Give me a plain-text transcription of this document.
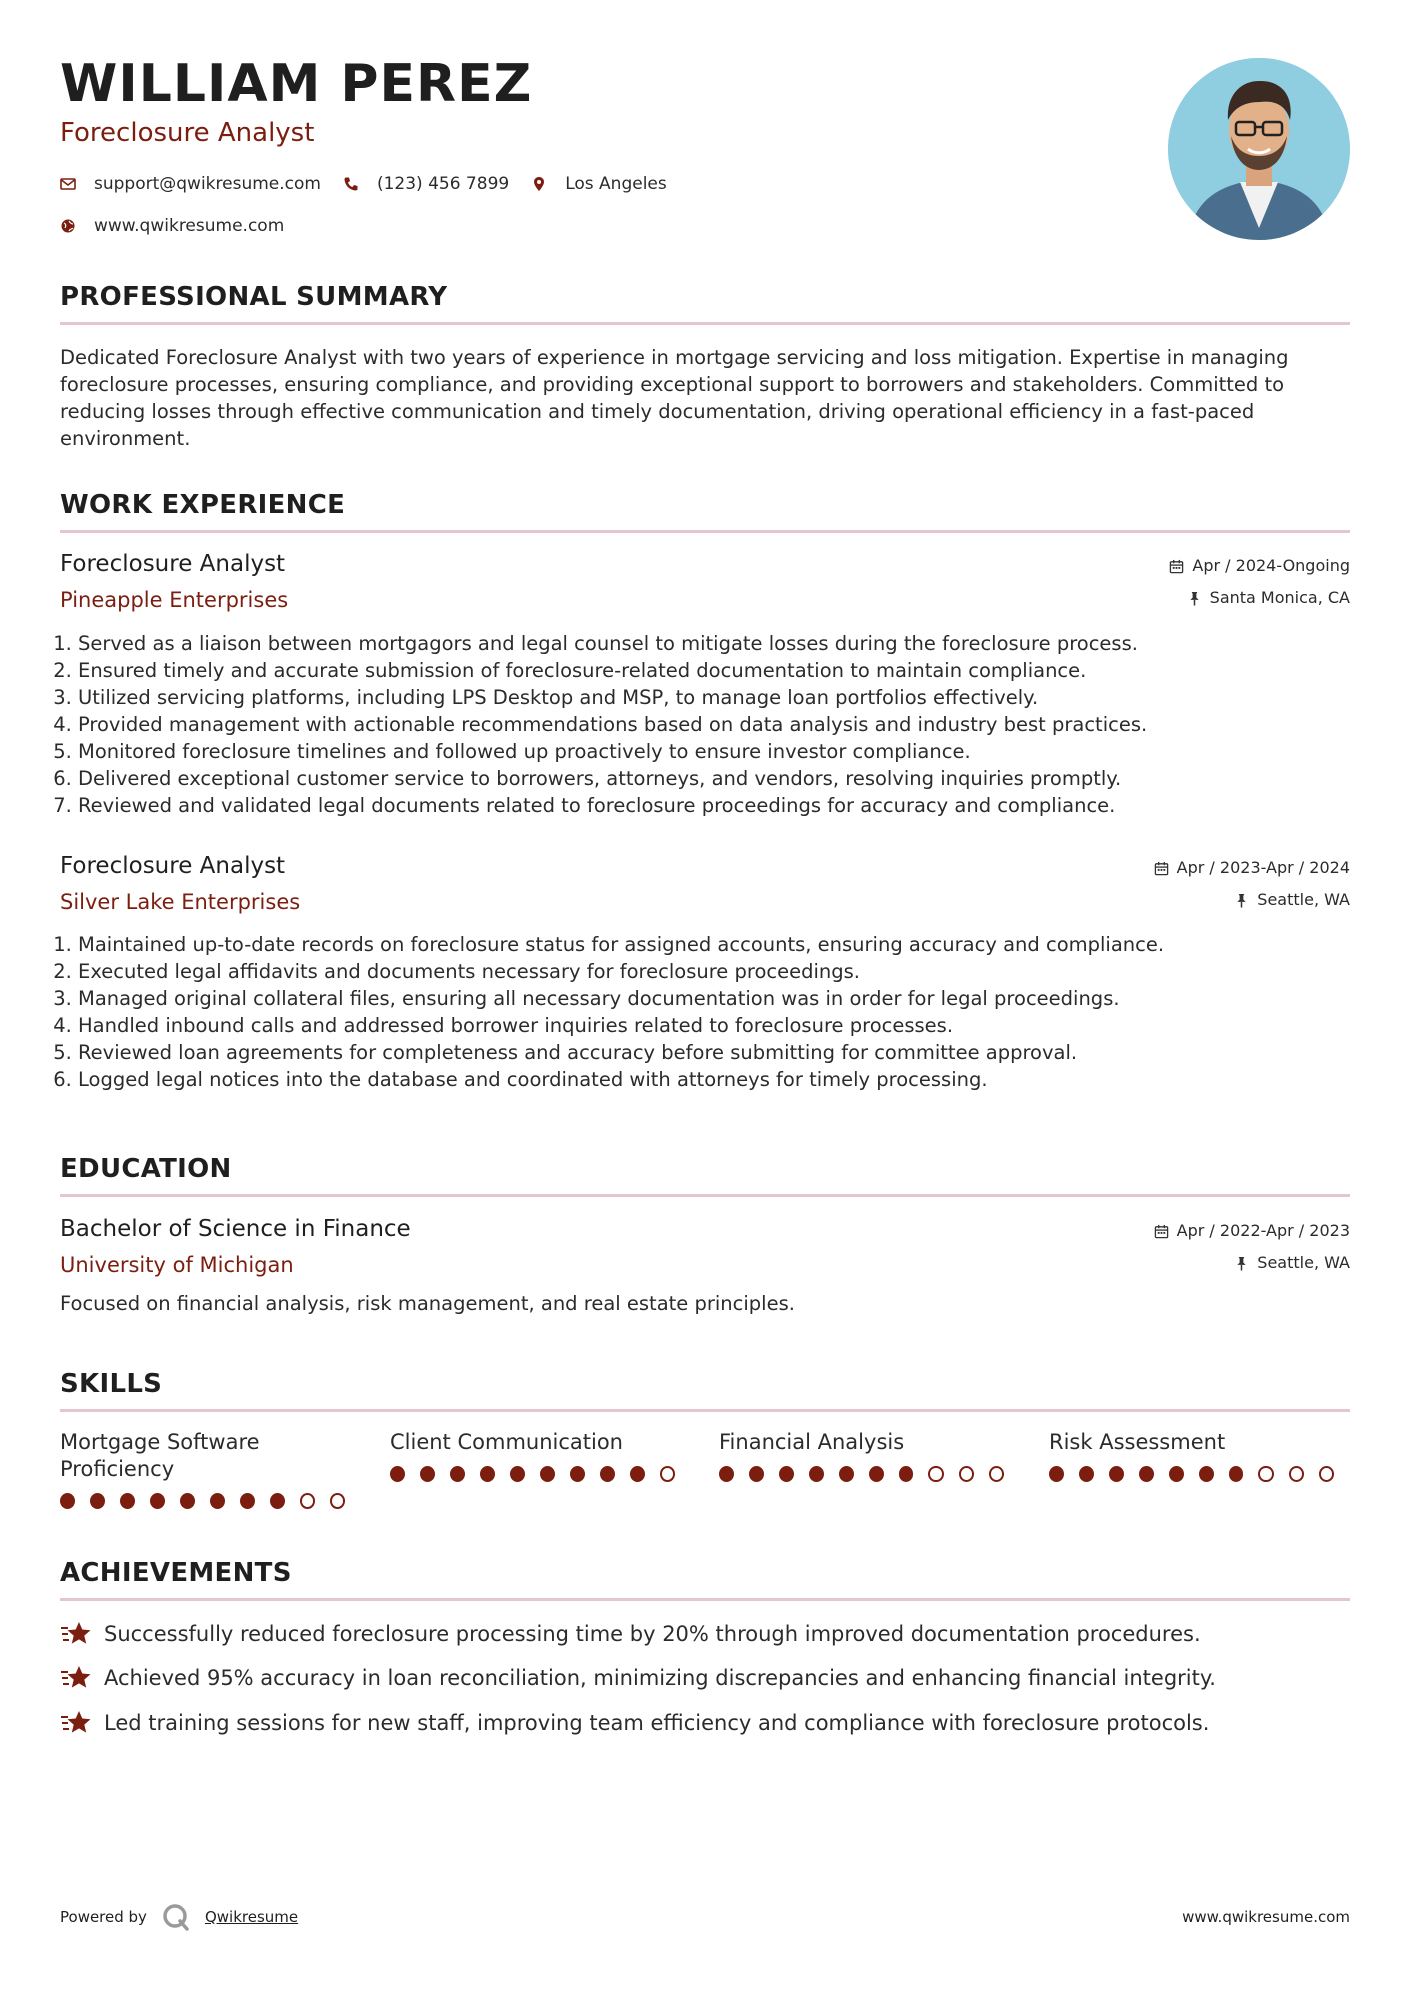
WILLIAM PEREZ
Foreclosure Analyst
support@qwikresume.com	(123) 456 7899	Los Angeles
www.qwikresume.com
PROFESSIONAL SUMMARY
Dedicated Foreclosure Analyst with two years of experience in mortgage servicing and loss mitigation. Expertise in managing foreclosure processes, ensuring compliance, and providing exceptional support to borrowers and stakeholders. Committed to reducing losses through effective communication and timely documentation, driving operational efficiency in a fast-paced environment.
WORK EXPERIENCE
Foreclosure Analyst
Pineapple Enterprises
Apr / 2024-Ongoing
Santa Monica, CA
1. Served as a liaison between mortgagors and legal counsel to mitigate losses during the foreclosure process.
2. Ensured timely and accurate submission of foreclosure-related documentation to maintain compliance.
3. Utilized servicing platforms, including LPS Desktop and MSP, to manage loan portfolios effectively.
4. Provided management with actionable recommendations based on data analysis and industry best practices.
5. Monitored foreclosure timelines and followed up proactively to ensure investor compliance.
6. Delivered exceptional customer service to borrowers, attorneys, and vendors, resolving inquiries promptly.
7. Reviewed and validated legal documents related to foreclosure proceedings for accuracy and compliance.
Foreclosure Analyst
Silver Lake Enterprises
Apr / 2023-Apr / 2024
Seattle, WA
1. Maintained up-to-date records on foreclosure status for assigned accounts, ensuring accuracy and compliance.
2. Executed legal affidavits and documents necessary for foreclosure proceedings.
3. Managed original collateral files, ensuring all necessary documentation was in order for legal proceedings.
4. Handled inbound calls and addressed borrower inquiries related to foreclosure processes.
5. Reviewed loan agreements for completeness and accuracy before submitting for committee approval.
6. Logged legal notices into the database and coordinated with attorneys for timely processing.
EDUCATION
Bachelor of Science in Finance
University of Michigan
Apr / 2022-Apr / 2023
Seattle, WA
Focused on financial analysis, risk management, and real estate principles.
SKILLS
Mortgage Software Proficiency
Client Communication	Financial Analysis	Risk Assessment
ACHIEVEMENTS
Successfully reduced foreclosure processing time by 20% through improved documentation procedures.
Achieved 95% accuracy in loan reconciliation, minimizing discrepancies and enhancing financial integrity.
Led training sessions for new staff, improving team efficiency and compliance with foreclosure protocols.
Powered by	Qwikresume	www.qwikresume.com
